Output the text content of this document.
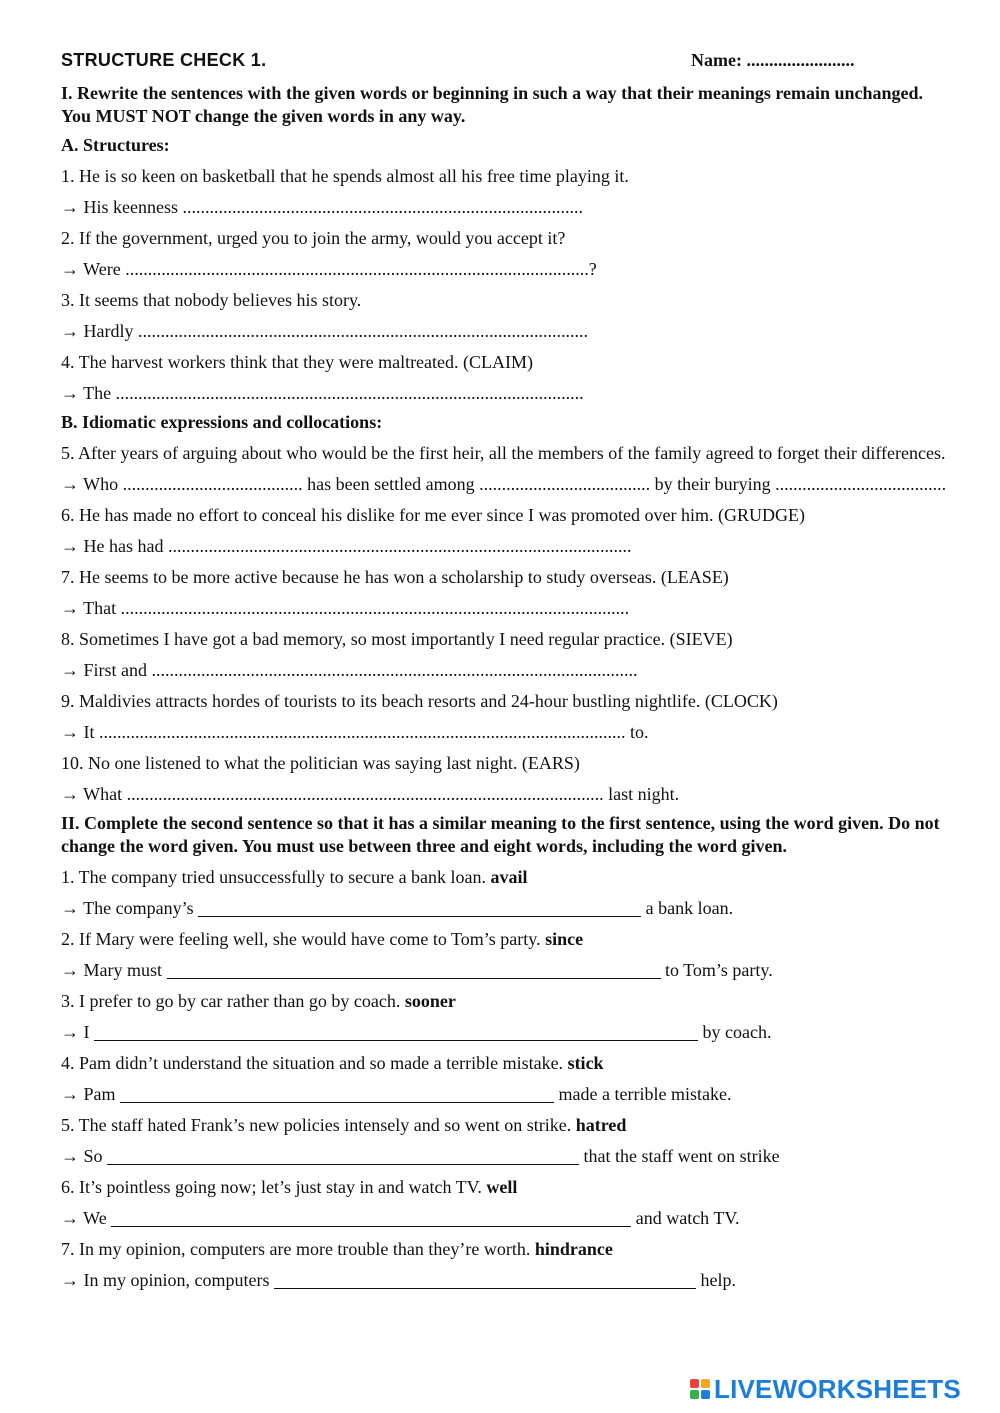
STRUCTURE CHECK 1.	Name: ........................
I. Rewrite the sentences with the given words or beginning in such a way that their meanings remain unchanged. You MUST NOT change the given words in any way.
A. Structures:
1. He is so keen on basketball that he spends almost all his free time playing it.
→ His keenness .........................................................................................
2. If the government, urged you to join the army, would you accept it?
→ Were .......................................................................................................?
3. It seems that nobody believes his story.
→ Hardly ....................................................................................................
4. The harvest workers think that they were maltreated. (CLAIM)
→ The ........................................................................................................
B. Idiomatic expressions and collocations:
5. After years of arguing about who would be the first heir, all the members of the family agreed to forget their differences.
→ Who ........................................ has been settled among ...................................... by their burying ......................................
6. He has made no effort to conceal his dislike for me ever since I was promoted over him. (GRUDGE)
→ He has had .......................................................................................................
7. He seems to be more active because he has won a scholarship to study overseas. (LEASE)
→ That .................................................................................................................
8. Sometimes I have got a bad memory, so most importantly I need regular practice. (SIEVE)
→ First and ............................................................................................................
9. Maldivies attracts hordes of tourists to its beach resorts and 24-hour bustling nightlife. (CLOCK)
→ It ..................................................................................................................... to.
10. No one listened to what the politician was saying last night. (EARS)
→ What .......................................................................................................... last night.
II. Complete the second sentence so that it has a similar meaning to the first sentence, using the word given. Do not change the word given. You must use between three and eight words, including the word given.
1. The company tried unsuccessfully to secure a bank loan. avail
→ The company’s	a bank loan.
2. If Mary were feeling well, she would have come to Tom’s party. since
→ Mary must	to Tom’s party.
3. I prefer to go by car rather than go by coach. sooner
→ I	by coach.
4. Pam didn’t understand the situation and so made a terrible mistake. stick
→ Pam	made a terrible mistake.
5. The staff hated Frank’s new policies intensely and so went on strike. hatred
→ So	that the staff went on strike
6. It’s pointless going now; let’s just stay in and watch TV. well
→ We	and watch TV.
7. In my opinion, computers are more trouble than they’re worth. hindrance
→ In my opinion, computers	help.
LIVEWORKSHEETS
